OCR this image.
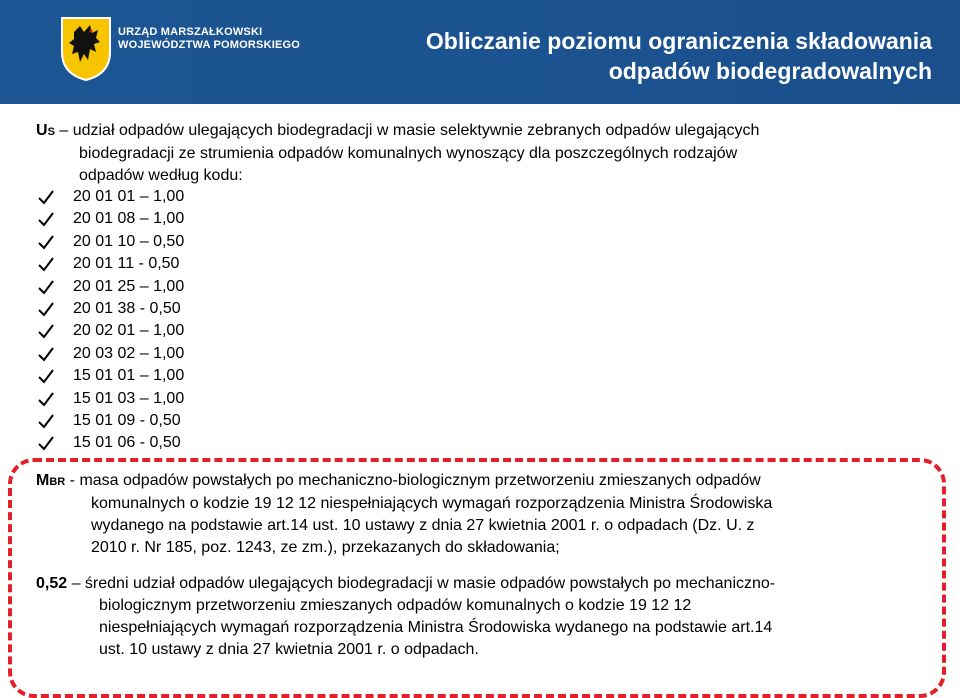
URZĄD MARSZAŁKOWSKI
WOJEWÓDZTWA POMORSKIEGO	Obliczanie poziomu ograniczenia składowania
odpadów biodegradowalnych
US – udział odpadów ulegających biodegradacji w masie selektywnie zebranych odpadów ulegających
biodegradacji ze strumienia odpadów komunalnych wynoszący dla poszczególnych rodzajów
odpadów według kodu:
20 01 01 – 1,00
20 01 08 – 1,00
20 01 10 – 0,50
20 01 11 - 0,50
20 01 25 – 1,00
20 01 38 - 0,50
20 02 01 – 1,00
20 03 02 – 1,00
15 01 01 – 1,00
15 01 03 – 1,00
15 01 09 - 0,50
15 01 06 - 0,50
MBR - masa odpadów powstałych po mechaniczno-biologicznym przetworzeniu zmieszanych odpadów
komunalnych o kodzie 19 12 12 niespełniających wymagań rozporządzenia Ministra Środowiska
wydanego na podstawie art.14 ust. 10 ustawy z dnia 27 kwietnia 2001 r. o odpadach (Dz. U. z
2010 r. Nr 185, poz. 1243, ze zm.), przekazanych do składowania;
0,52 – średni udział odpadów ulegających biodegradacji w masie odpadów powstałych po mechaniczno-
biologicznym przetworzeniu zmieszanych odpadów komunalnych o kodzie 19 12 12
niespełniających wymagań rozporządzenia Ministra Środowiska wydanego na podstawie art.14
ust. 10 ustawy z dnia 27 kwietnia 2001 r. o odpadach.
